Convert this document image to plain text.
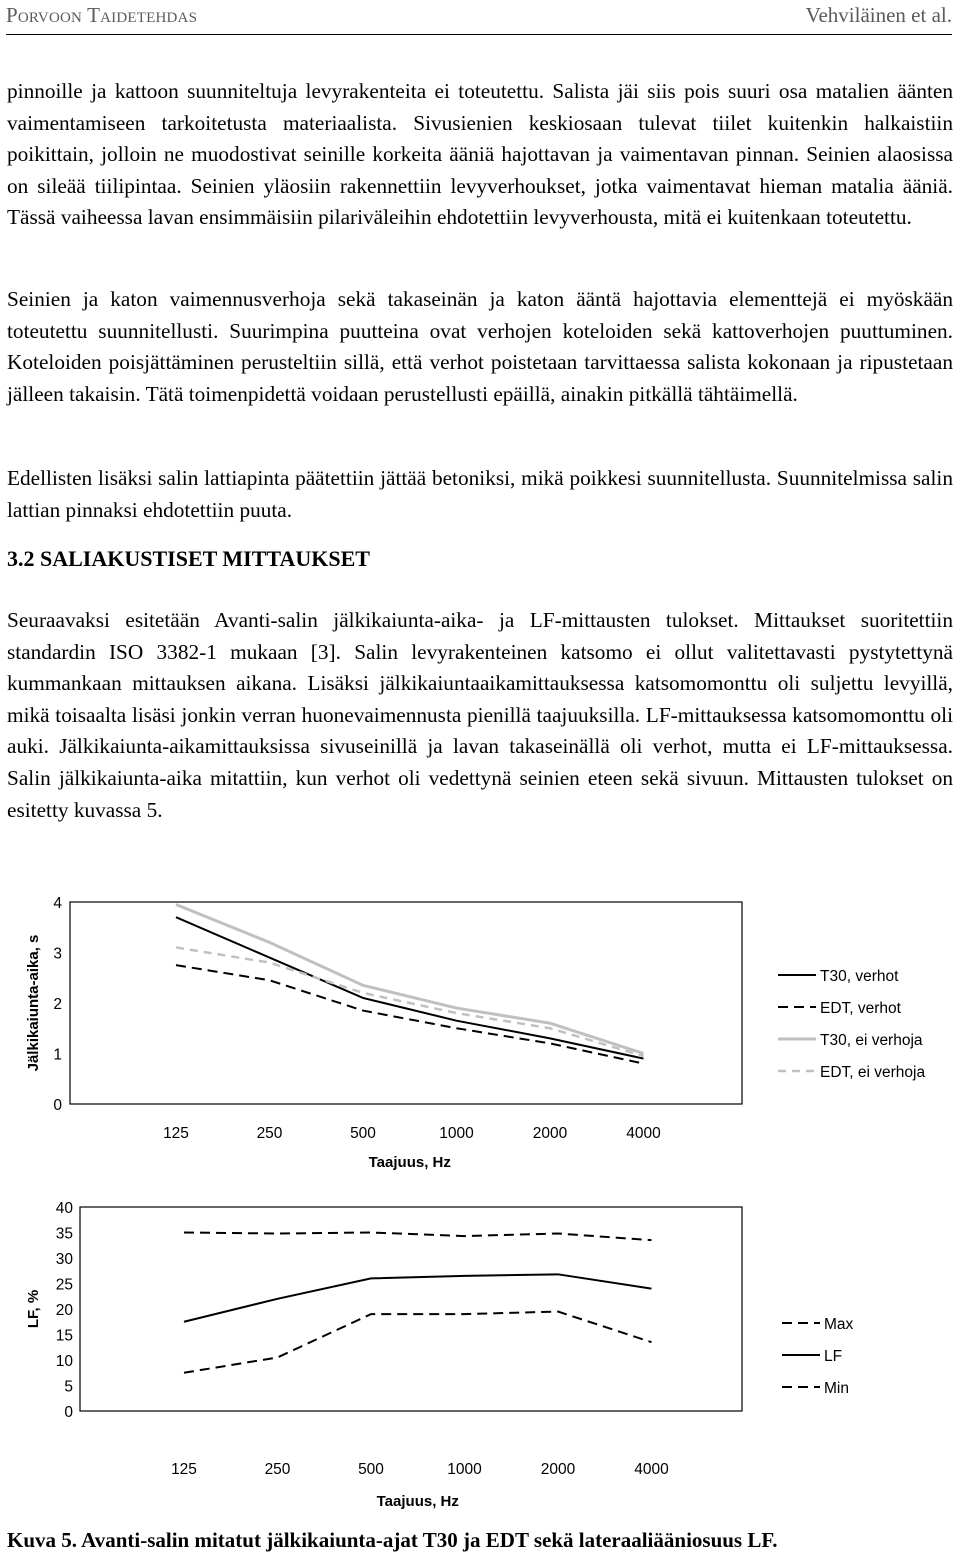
Porvoon Taidetehdas	Vehviläinen et al.

pinnoille ja kattoon suunniteltuja levyrakenteita ei toteutettu. Salista jäi siis pois suuri osa matalien äänten vaimentamiseen tarkoitetusta materiaalista. Sivusienien keskiosaan tulevat tiilet kuitenkin halkaistiin poikittain, jolloin ne muodostivat seinille korkeita ääniä hajottavan ja vaimentavan pinnan. Seinien alaosissa on sileää tiilipintaa. Seinien yläosiin rakennettiin levyverhoukset, jotka vaimentavat hieman matalia ääniä. Tässä vaiheessa lavan ensimmäisiin pilariväleihin ehdotettiin levyverhousta, mitä ei kuitenkaan toteutettu.

Seinien ja katon vaimennusverhoja sekä takaseinän ja katon ääntä hajottavia elementtejä ei myöskään toteutettu suunnitellusti. Suurimpina puutteina ovat verhojen koteloiden sekä kattoverhojen puuttuminen. Koteloiden poisjättäminen perusteltiin sillä, että verhot poistetaan tarvittaessa salista kokonaan ja ripustetaan jälleen takaisin. Tätä toimenpidettä voidaan perustellusti epäillä, ainakin pitkällä tähtäimellä.

Edellisten lisäksi salin lattiapinta päätettiin jättää betoniksi, mikä poikkesi suunnitellusta. Suunnitelmissa salin lattian pinnaksi ehdotettiin puuta.

3.2 SALIAKUSTISET MITTAUKSET

Seuraavaksi esitetään Avanti-salin jälkikaiunta-aika- ja LF-mittausten tulokset. Mittaukset suoritettiin standardin ISO 3382-1 mukaan [3]. Salin levyrakenteinen katsomo ei ollut valitettavasti pystytettynä kummankaan mittauksen aikana. Lisäksi jälkikaiuntaaikamittauksessa katsomomonttu oli suljettu levyillä, mikä toisaalta lisäsi jonkin verran huonevaimennusta pienillä taajuuksilla. LF-mittauksessa katsomomonttu oli auki. Jälkikaiunta-aikamittauksissa sivuseinillä ja lavan takaseinällä oli verhot, mutta ei LF-mittauksessa. Salin jälkikaiunta-aika mitattiin, kun verhot oli vedettynä seinien eteen sekä sivuun. Mittausten tulokset on esitetty kuvassa 5.

0
1
2
3
4
125	250	500	1000	2000	4000
Taajuus, Hz
Jälkikaiunta-aika, s	T30, verhot
EDT, verhot
T30, ei verhoja
EDT, ei verhoja
0
5
10
15
20
25
30
35
40
125	250	500	1000	2000	4000
Taajuus, Hz
LF, %	Max
LF
Min
Kuva 5. Avanti-salin mitatut jälkikaiunta-ajat T30 ja EDT sekä lateraaliääniosuus LF.
